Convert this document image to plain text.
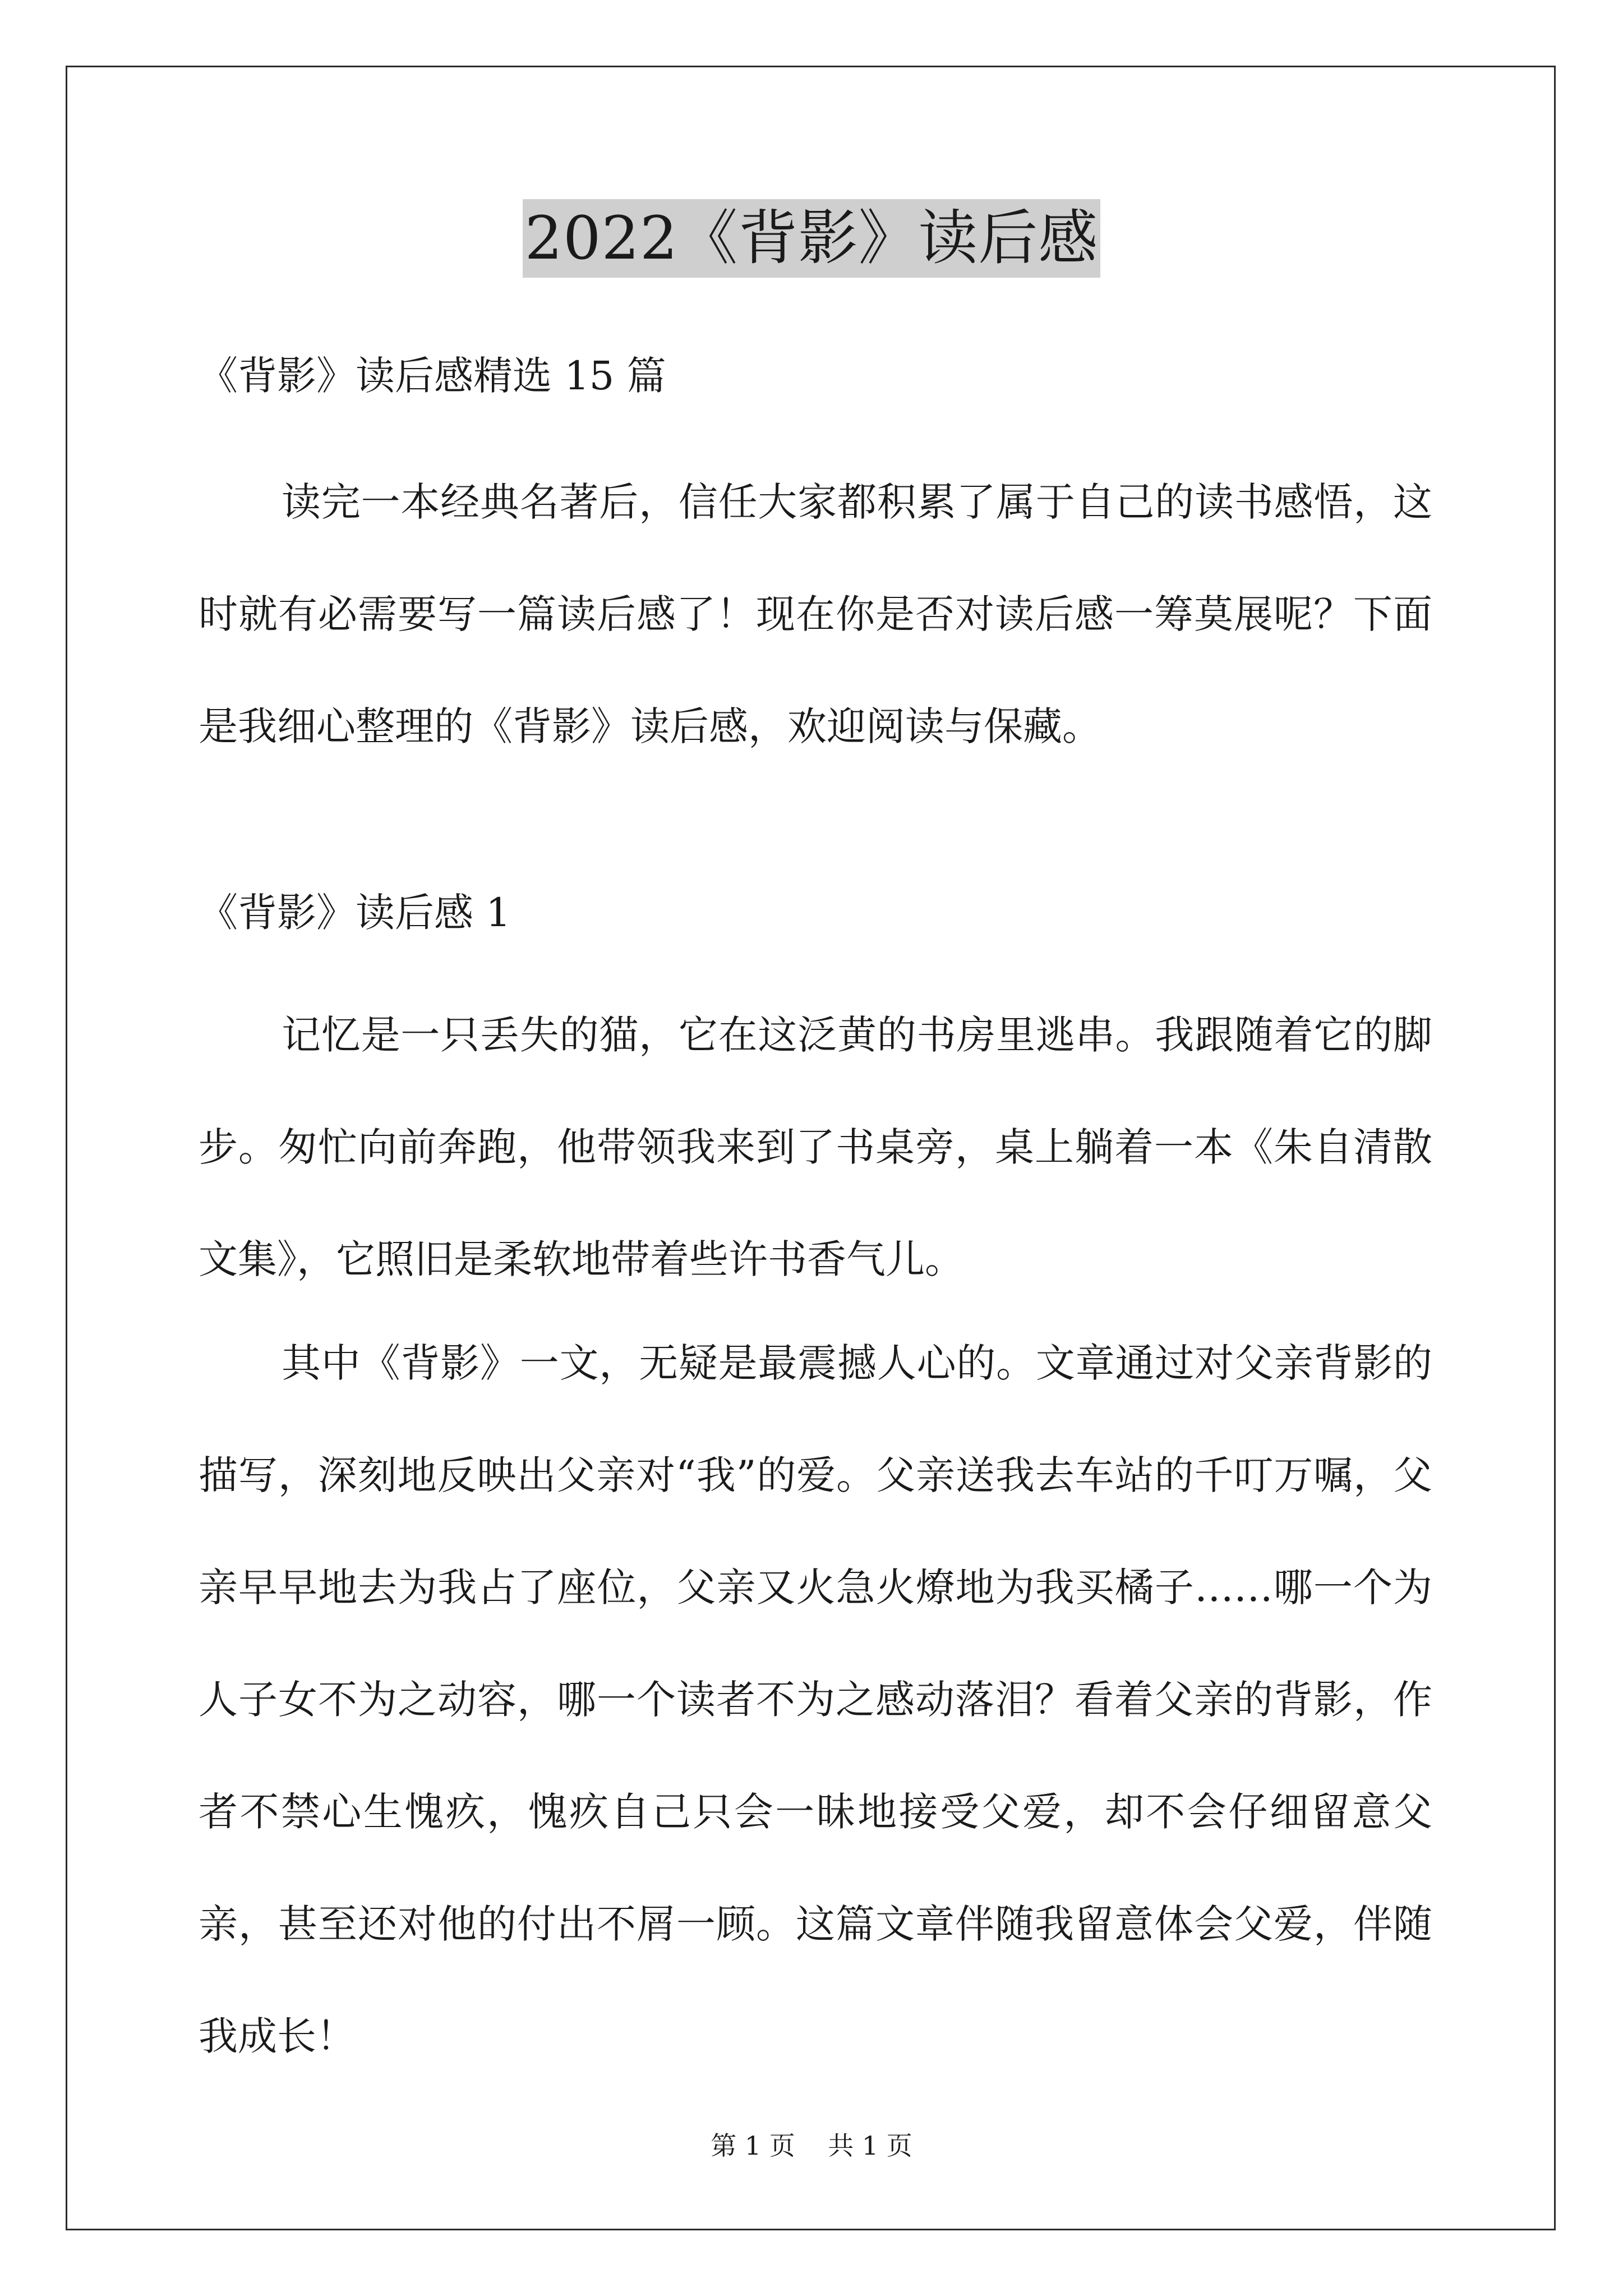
2022《背影》读后感
《背影》读后感精选 15 篇

读完一本经典名著后，信任大家都积累了属于自己的读书感悟，这时就有必需要写一篇读后感了！现在你是否对读后感一筹莫展呢？下面是我细心整理的《背影》读后感，欢迎阅读与保藏。

《背影》读后感 1

记忆是一只丢失的猫，它在这泛黄的书房里逃串。我跟随着它的脚步。匆忙向前奔跑，他带领我来到了书桌旁，桌上躺着一本《朱自清散文集》，它照旧是柔软地带着些许书香气儿。

其中《背影》一文，无疑是最震撼人心的。文章通过对父亲背影的描写，深刻地反映出父亲对“我”的爱。父亲送我去车站的千叮万嘱，父亲早早地去为我占了座位，父亲又火急火燎地为我买橘子……哪一个为人子女不为之动容，哪一个读者不为之感动落泪？看着父亲的背影，作者不禁心生愧疚，愧疚自己只会一昧地接受父爱，却不会仔细留意父亲，甚至还对他的付出不屑一顾。这篇文章伴随我留意体会父爱，伴随我成长！

第 1 页    共 1 页
